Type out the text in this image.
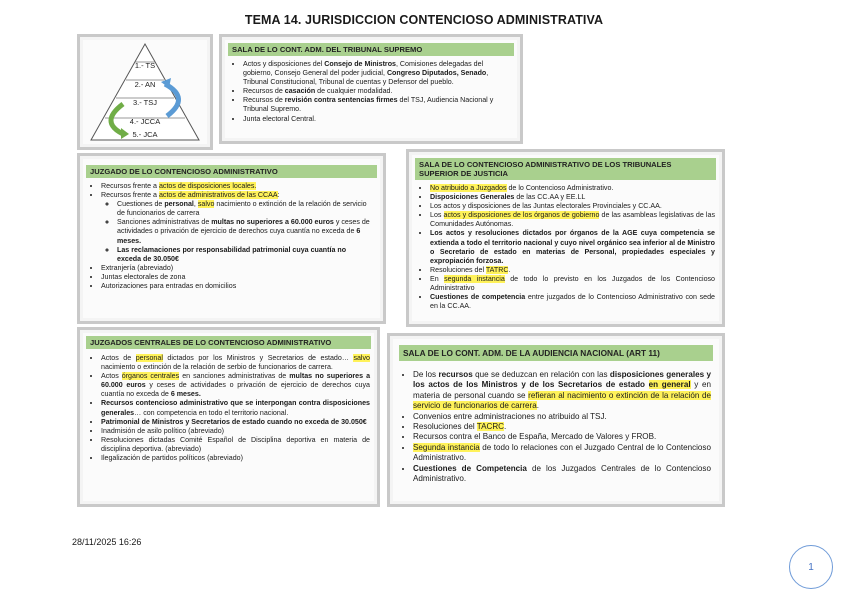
TEMA 14. JURISDICCION CONTENCIOSO ADMINISTRATIVA
1.- TS
2.- AN
3.- TSJ
4.- JCCA
5.- JCA
SALA DE LO CONT. ADM. DEL TRIBUNAL SUPREMO
• Actos y disposiciones del Consejo de Ministros, Comisiones delegadas del gobierno, Consejo General del poder judicial, Congreso Diputados, Senado, Tribunal Constitucional, Tribunal de cuentas y Defensor del pueblo.
• Recursos de casación de cualquier modalidad.
• Recursos de revisión contra sentencias firmes del TSJ, Audiencia Nacional y Tribunal Supremo.
• Junta electoral Central.
JUZGADO DE LO CONTENCIOSO ADMINISTRATIVO
• Recursos frente a actos de disposiciones locales.
• Recursos frente a actos de administrativos de las CCAA:
◦ Cuestiones de personal, salvo nacimiento o extinción de la relación de servicio de funcionarios de carrera
◦ Sanciones administrativas de multas no superiores a 60.000 euros y ceses de actividades o privación de ejercicio de derechos cuya cuantía no exceda de 6 meses.
◦ Las reclamaciones por responsabilidad patrimonial cuya cuantía no exceda de 30.050€
• Extranjería (abreviado)
• Juntas electorales de zona
• Autorizaciones para entradas en domicilios
SALA DE LO CONTENCIOSO ADMINISTRATIVO DE LOS TRIBUNALES SUPERIOR DE JUSTICIA
• No atribuido a Juzgados de lo Contencioso Administrativo.
• Disposiciones Generales de las CC.AA y EE.LL
• Los actos y disposiciones de las Juntas electorales Provinciales y CC.AA.
• Los actos y disposiciones de los órganos de gobierno de las asambleas legislativas de las Comunidades Autónomas.
• Los actos y resoluciones dictados por órganos de la AGE cuya competencia se extienda a todo el territorio nacional y cuyo nivel orgánico sea inferior al de Ministro o Secretario de estado en materias de Personal, propiedades especiales y expropiación forzosa.
• Resoluciones del TATRC.
• En segunda instancia de todo lo previsto en los Juzgados de los Contencioso Administrativo
• Cuestiones de competencia entre juzgados de lo Contencioso Administrativo con sede en la CC.AA.
JUZGADOS CENTRALES DE LO CONTENCIOSO ADMINISTRATIVO
• Actos de personal dictados por los Ministros y Secretarios de estado… salvo nacimiento o extinción de la relación de serbio de funcionarios de carrera.
• Actos órganos centrales en sanciones administrativas de multas no superiores a 60.000 euros y ceses de actividades o privación de ejercicio de derechos cuya cuantía no exceda de 6 meses.
• Recursos contencioso administrativo que se interpongan contra disposiciones generales… con competencia en todo el territorio nacional.
• Patrimonial de Ministros y Secretarios de estado cuando no exceda de 30.050€
• Inadmisión de asilo político (abreviado)
• Resoluciones dictadas Comité Español de Disciplina deportiva en materia de disciplina deportiva. (abreviado)
• Ilegalización de partidos políticos (abreviado)
SALA DE LO CONT. ADM. DE LA AUDIENCIA NACIONAL (ART 11)
• De los recursos que se deduzcan en relación con las disposiciones generales y los actos de los Ministros y de los Secretarios de estado en general y en materia de personal cuando se refieran al nacimiento o extinción de la relación de servicio de funcionarios de carrera.
• Convenios entre administraciones no atribuido al TSJ.
• Resoluciones del TACRC.
• Recursos contra el Banco de España, Mercado de Valores y FROB.
• Segunda instancia de todo lo relaciones con el Juzgado Central de lo Contencioso Administrativo.
• Cuestiones de Competencia de los Juzgados Centrales de lo Contencioso Administrativo.
28/11/2025 16:26
1
